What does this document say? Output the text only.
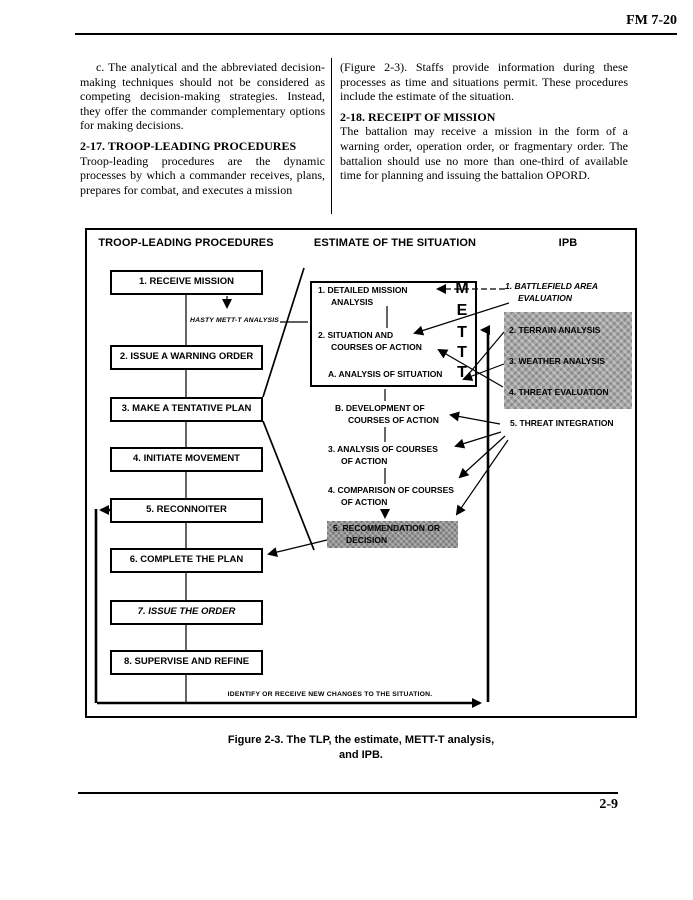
FM 7-20

c. The analytical and the abbreviated decision-making techniques should not be considered as competing decision-making strategies. Instead, they offer the commander complementary options for making decisions.

2-17. TROOP-LEADING PROCEDURES

Troop-leading procedures are the dynamic processes by which a commander receives, plans, prepares for combat, and executes a mission

(Figure 2-3). Staffs provide information during these processes as time and situations permit. These procedures include the estimate of the situation.

2-18. RECEIPT OF MISSION

The battalion may receive a mission in the form of a warning order, operation order, or fragmentary order. The battalion should use no more than one-third of available time for planning and issuing the battalion OPORD.

TROOP-LEADING PROCEDURES	ESTIMATE OF THE SITUATION	IPB
1. RECEIVE MISSION
2. ISSUE A WARNING ORDER
3. MAKE A TENTATIVE PLAN
4. INITIATE MOVEMENT
5. RECONNOITER
6. COMPLETE THE PLAN
7. ISSUE THE ORDER
8. SUPERVISE AND REFINE
HASTY METT-T ANALYSIS
1. DETAILED MISSION
ANALYSIS
2. SITUATION AND
COURSES OF ACTION
A. ANALYSIS OF SITUATION
M
E
T
T
T
B. DEVELOPMENT OF
COURSES OF ACTION
3. ANALYSIS OF COURSES
OF ACTION
4. COMPARISON OF COURSES
OF ACTION
5. RECOMMENDATION OR
DECISION
1. BATTLEFIELD AREA
EVALUATION
2. TERRAIN ANALYSIS
3. WEATHER ANALYSIS
4. THREAT EVALUATION
5. THREAT INTEGRATION
IDENTIFY OR RECEIVE NEW CHANGES TO THE SITUATION.
Figure 2-3. The TLP, the estimate, METT-T analysis,
and IPB.
2-9
